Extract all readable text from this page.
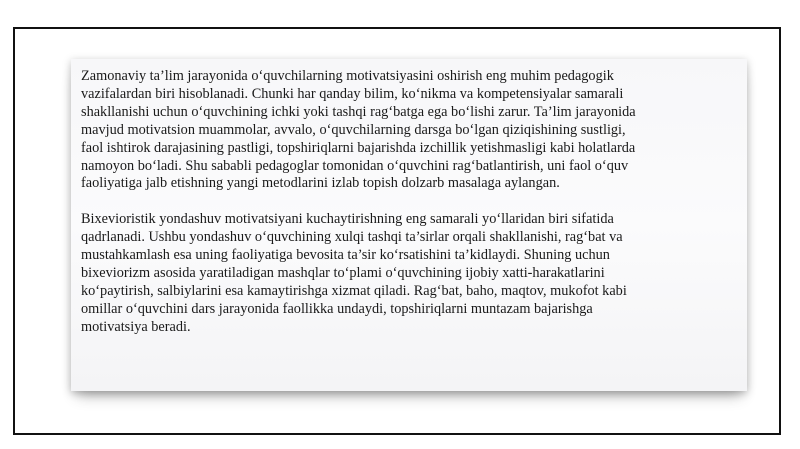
Zamonaviy ta’lim jarayonida o‘quvchilarning motivatsiyasini oshirish eng muhim pedagogik
vazifalardan biri hisoblanadi. Chunki har qanday bilim, ko‘nikma va kompetensiyalar samarali
shakllanishi uchun o‘quvchining ichki yoki tashqi rag‘batga ega bo‘lishi zarur. Ta’lim jarayonida
mavjud motivatsion muammolar, avvalo, o‘quvchilarning darsga bo‘lgan qiziqishining sustligi,
faol ishtirok darajasining pastligi, topshiriqlarni bajarishda izchillik yetishmasligi kabi holatlarda
namoyon bo‘ladi. Shu sababli pedagoglar tomonidan o‘quvchini rag‘batlantirish, uni faol o‘quv
faoliyatiga jalb etishning yangi metodlarini izlab topish dolzarb masalaga aylangan.
Bixevioristik yondashuv motivatsiyani kuchaytirishning eng samarali yo‘llaridan biri sifatida
qadrlanadi. Ushbu yondashuv o‘quvchining xulqi tashqi ta’sirlar orqali shakllanishi, rag‘bat va
mustahkamlash esa uning faoliyatiga bevosita ta’sir ko‘rsatishini ta’kidlaydi. Shuning uchun
bixeviorizm asosida yaratiladigan mashqlar to‘plami o‘quvchining ijobiy xatti-harakatlarini
ko‘paytirish, salbiylarini esa kamaytirishga xizmat qiladi. Rag‘bat, baho, maqtov, mukofot kabi
omillar o‘quvchini dars jarayonida faollikka undaydi, topshiriqlarni muntazam bajarishga
motivatsiya beradi.
